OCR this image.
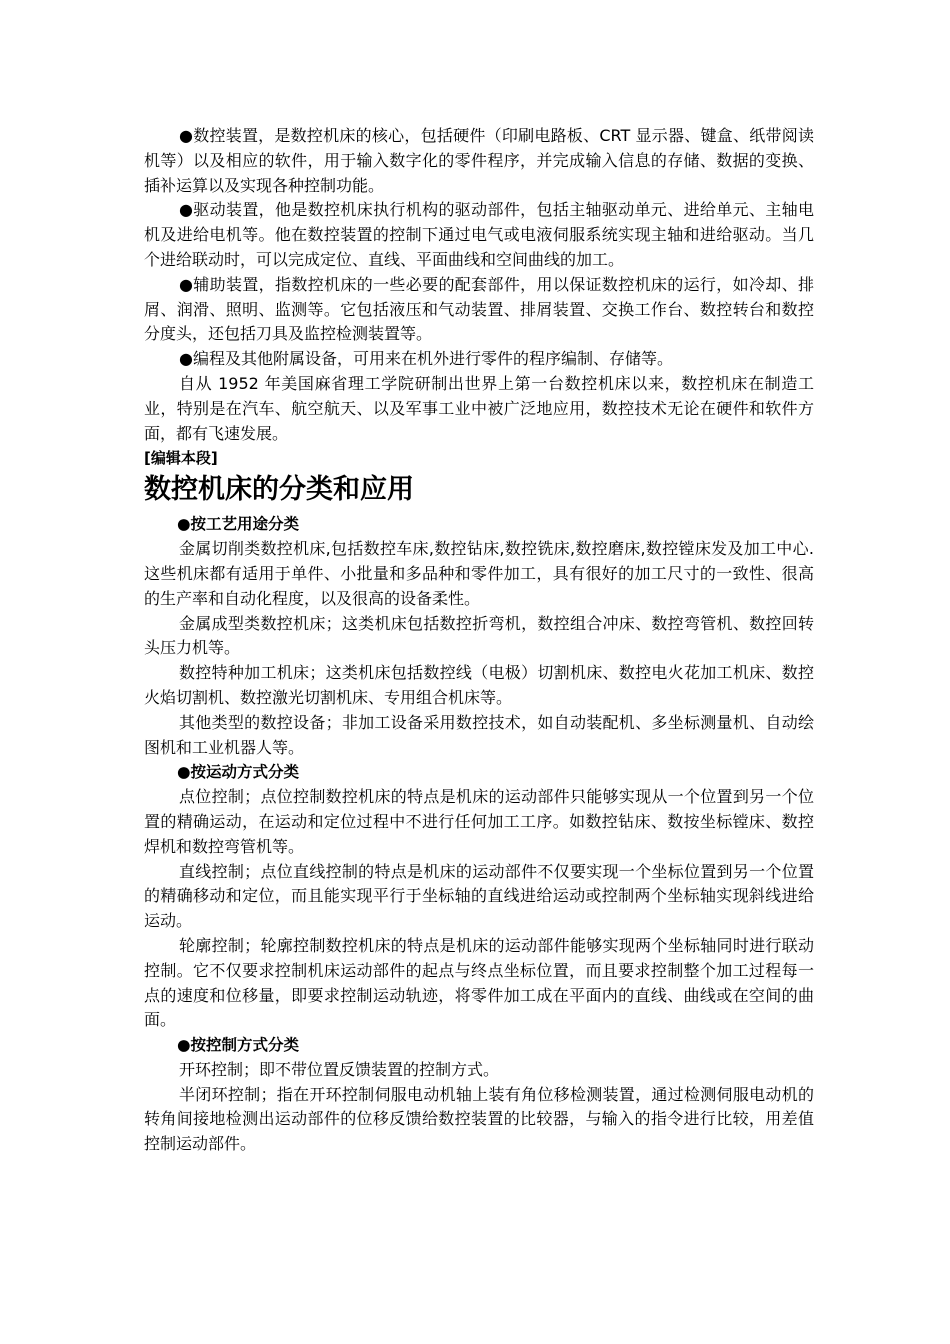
●数控装置，是数控机床的核心，包括硬件（印刷电路板、CRT 显示器、键盒、纸带阅读机等）以及相应的软件，用于输入数字化的零件程序，并完成输入信息的存储、数据的变换、插补运算以及实现各种控制功能。

●驱动装置，他是数控机床执行机构的驱动部件，包括主轴驱动单元、进给单元、主轴电机及进给电机等。他在数控装置的控制下通过电气或电液伺服系统实现主轴和进给驱动。当几个进给联动时，可以完成定位、直线、平面曲线和空间曲线的加工。

●辅助装置，指数控机床的一些必要的配套部件，用以保证数控机床的运行，如冷却、排屑、润滑、照明、监测等。它包括液压和气动装置、排屑装置、交换工作台、数控转台和数控分度头，还包括刀具及监控检测装置等。

●编程及其他附属设备，可用来在机外进行零件的程序编制、存储等。

自从 1952 年美国麻省理工学院研制出世界上第一台数控机床以来，数控机床在制造工业，特别是在汽车、航空航天、以及军事工业中被广泛地应用，数控技术无论在硬件和软件方面，都有飞速发展。

[编辑本段]

数控机床的分类和应用

●按工艺用途分类

金属切削类数控机床,包括数控车床,数控钻床,数控铣床,数控磨床,数控镗床发及加工中心.这些机床都有适用于单件、小批量和多品种和零件加工，具有很好的加工尺寸的一致性、很高的生产率和自动化程度，以及很高的设备柔性。

金属成型类数控机床；这类机床包括数控折弯机，数控组合冲床、数控弯管机、数控回转头压力机等。

数控特种加工机床；这类机床包括数控线（电极）切割机床、数控电火花加工机床、数控火焰切割机、数控激光切割机床、专用组合机床等。

其他类型的数控设备；非加工设备采用数控技术，如自动装配机、多坐标测量机、自动绘图机和工业机器人等。

●按运动方式分类

点位控制；点位控制数控机床的特点是机床的运动部件只能够实现从一个位置到另一个位置的精确运动，在运动和定位过程中不进行任何加工工序。如数控钻床、数按坐标镗床、数控焊机和数控弯管机等。

直线控制；点位直线控制的特点是机床的运动部件不仅要实现一个坐标位置到另一个位置的精确移动和定位，而且能实现平行于坐标轴的直线进给运动或控制两个坐标轴实现斜线进给运动。

轮廓控制；轮廓控制数控机床的特点是机床的运动部件能够实现两个坐标轴同时进行联动控制。它不仅要求控制机床运动部件的起点与终点坐标位置，而且要求控制整个加工过程每一点的速度和位移量，即要求控制运动轨迹，将零件加工成在平面内的直线、曲线或在空间的曲面。

●按控制方式分类

开环控制；即不带位置反馈装置的控制方式。

半闭环控制；指在开环控制伺服电动机轴上装有角位移检测装置，通过检测伺服电动机的转角间接地检测出运动部件的位移反馈给数控装置的比较器，与输入的指令进行比较，用差值控制运动部件。
